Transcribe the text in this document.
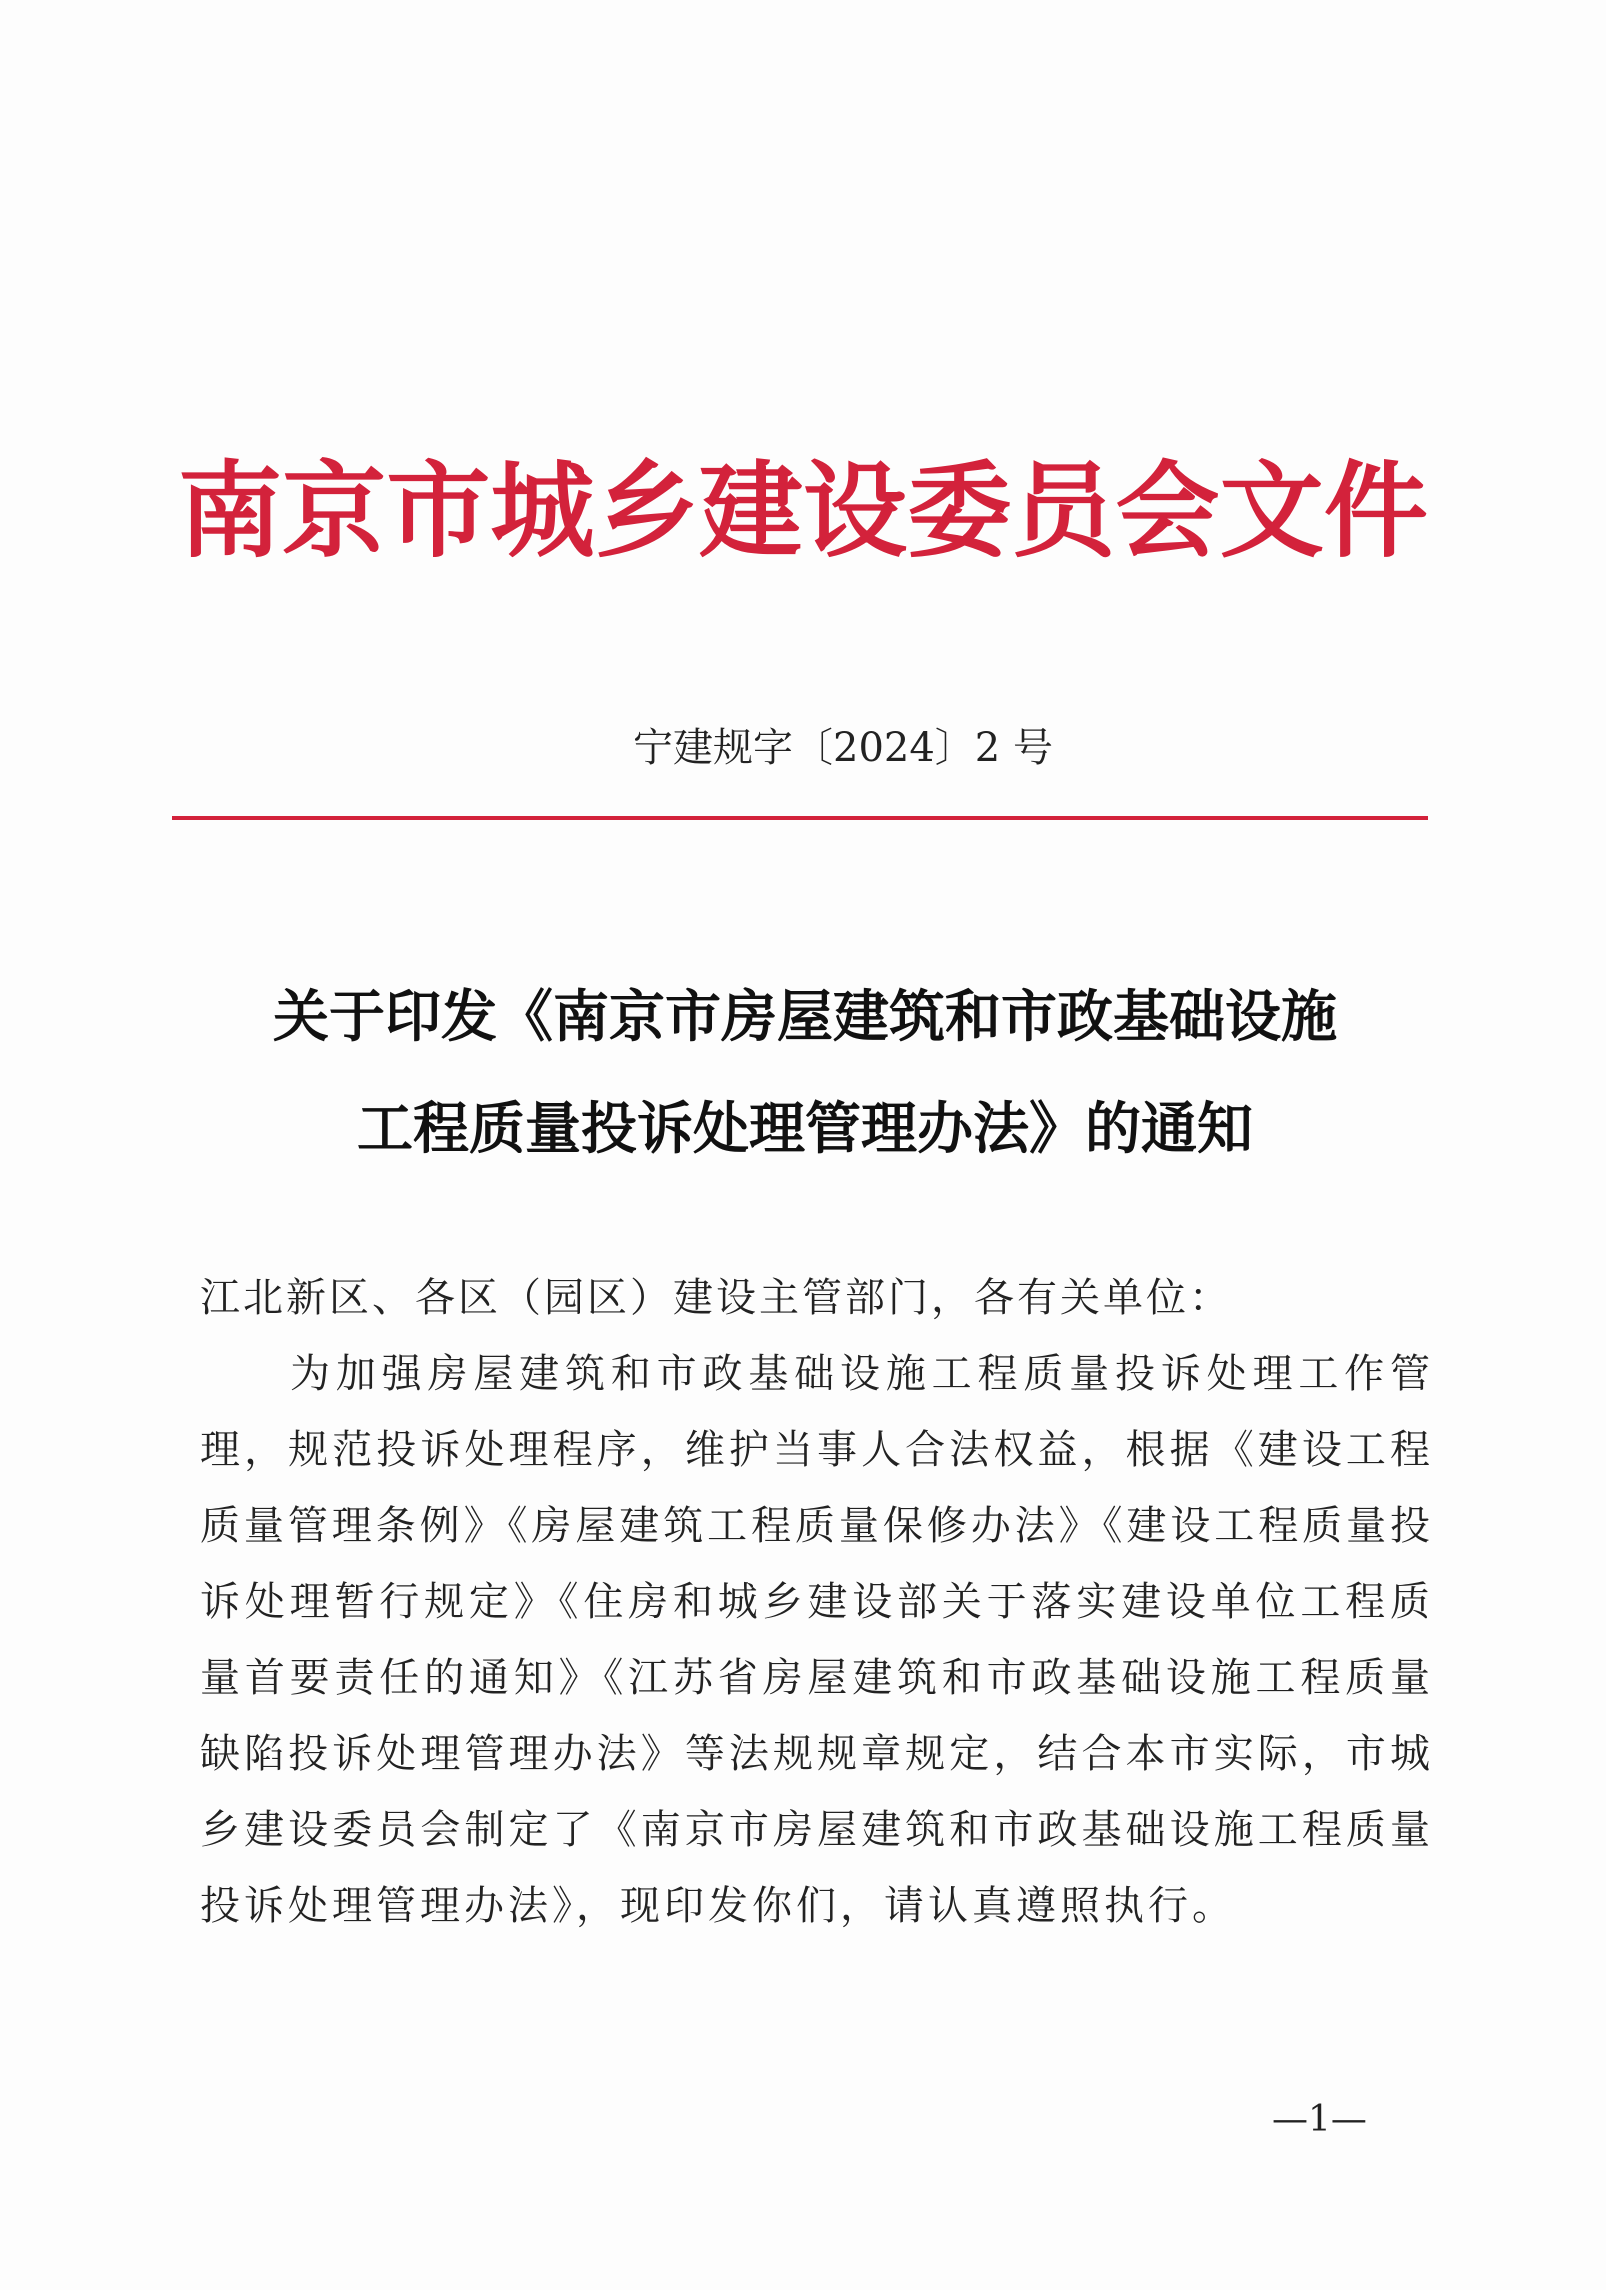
南 京 市 城 乡 建 设 委 员 会 文 件
宁建规字〔2024〕2 号
关于印发《南京市房屋建筑和市政基础设施
工程质量投诉处理管理办法》的通知
江北新区、各区（园区）建设主管部门，各有关单位：
为加强房屋建筑和市政基础设施工程质量投诉处理工作管
理，规范投诉处理程序，维护当事人合法权益，根据《建设工程
质量管理条例》《房屋建筑工程质量保修办法》《建设工程质量投
诉处理暂行规定》《住房和城乡建设部关于落实建设单位工程质
量首要责任的通知》《江苏省房屋建筑和市政基础设施工程质量
缺陷投诉处理管理办法》等法规规章规定，结合本市实际，市城
乡建设委员会制定了《南京市房屋建筑和市政基础设施工程质量
投诉处理管理办法》，现印发你们，请认真遵照执行。
—1—
